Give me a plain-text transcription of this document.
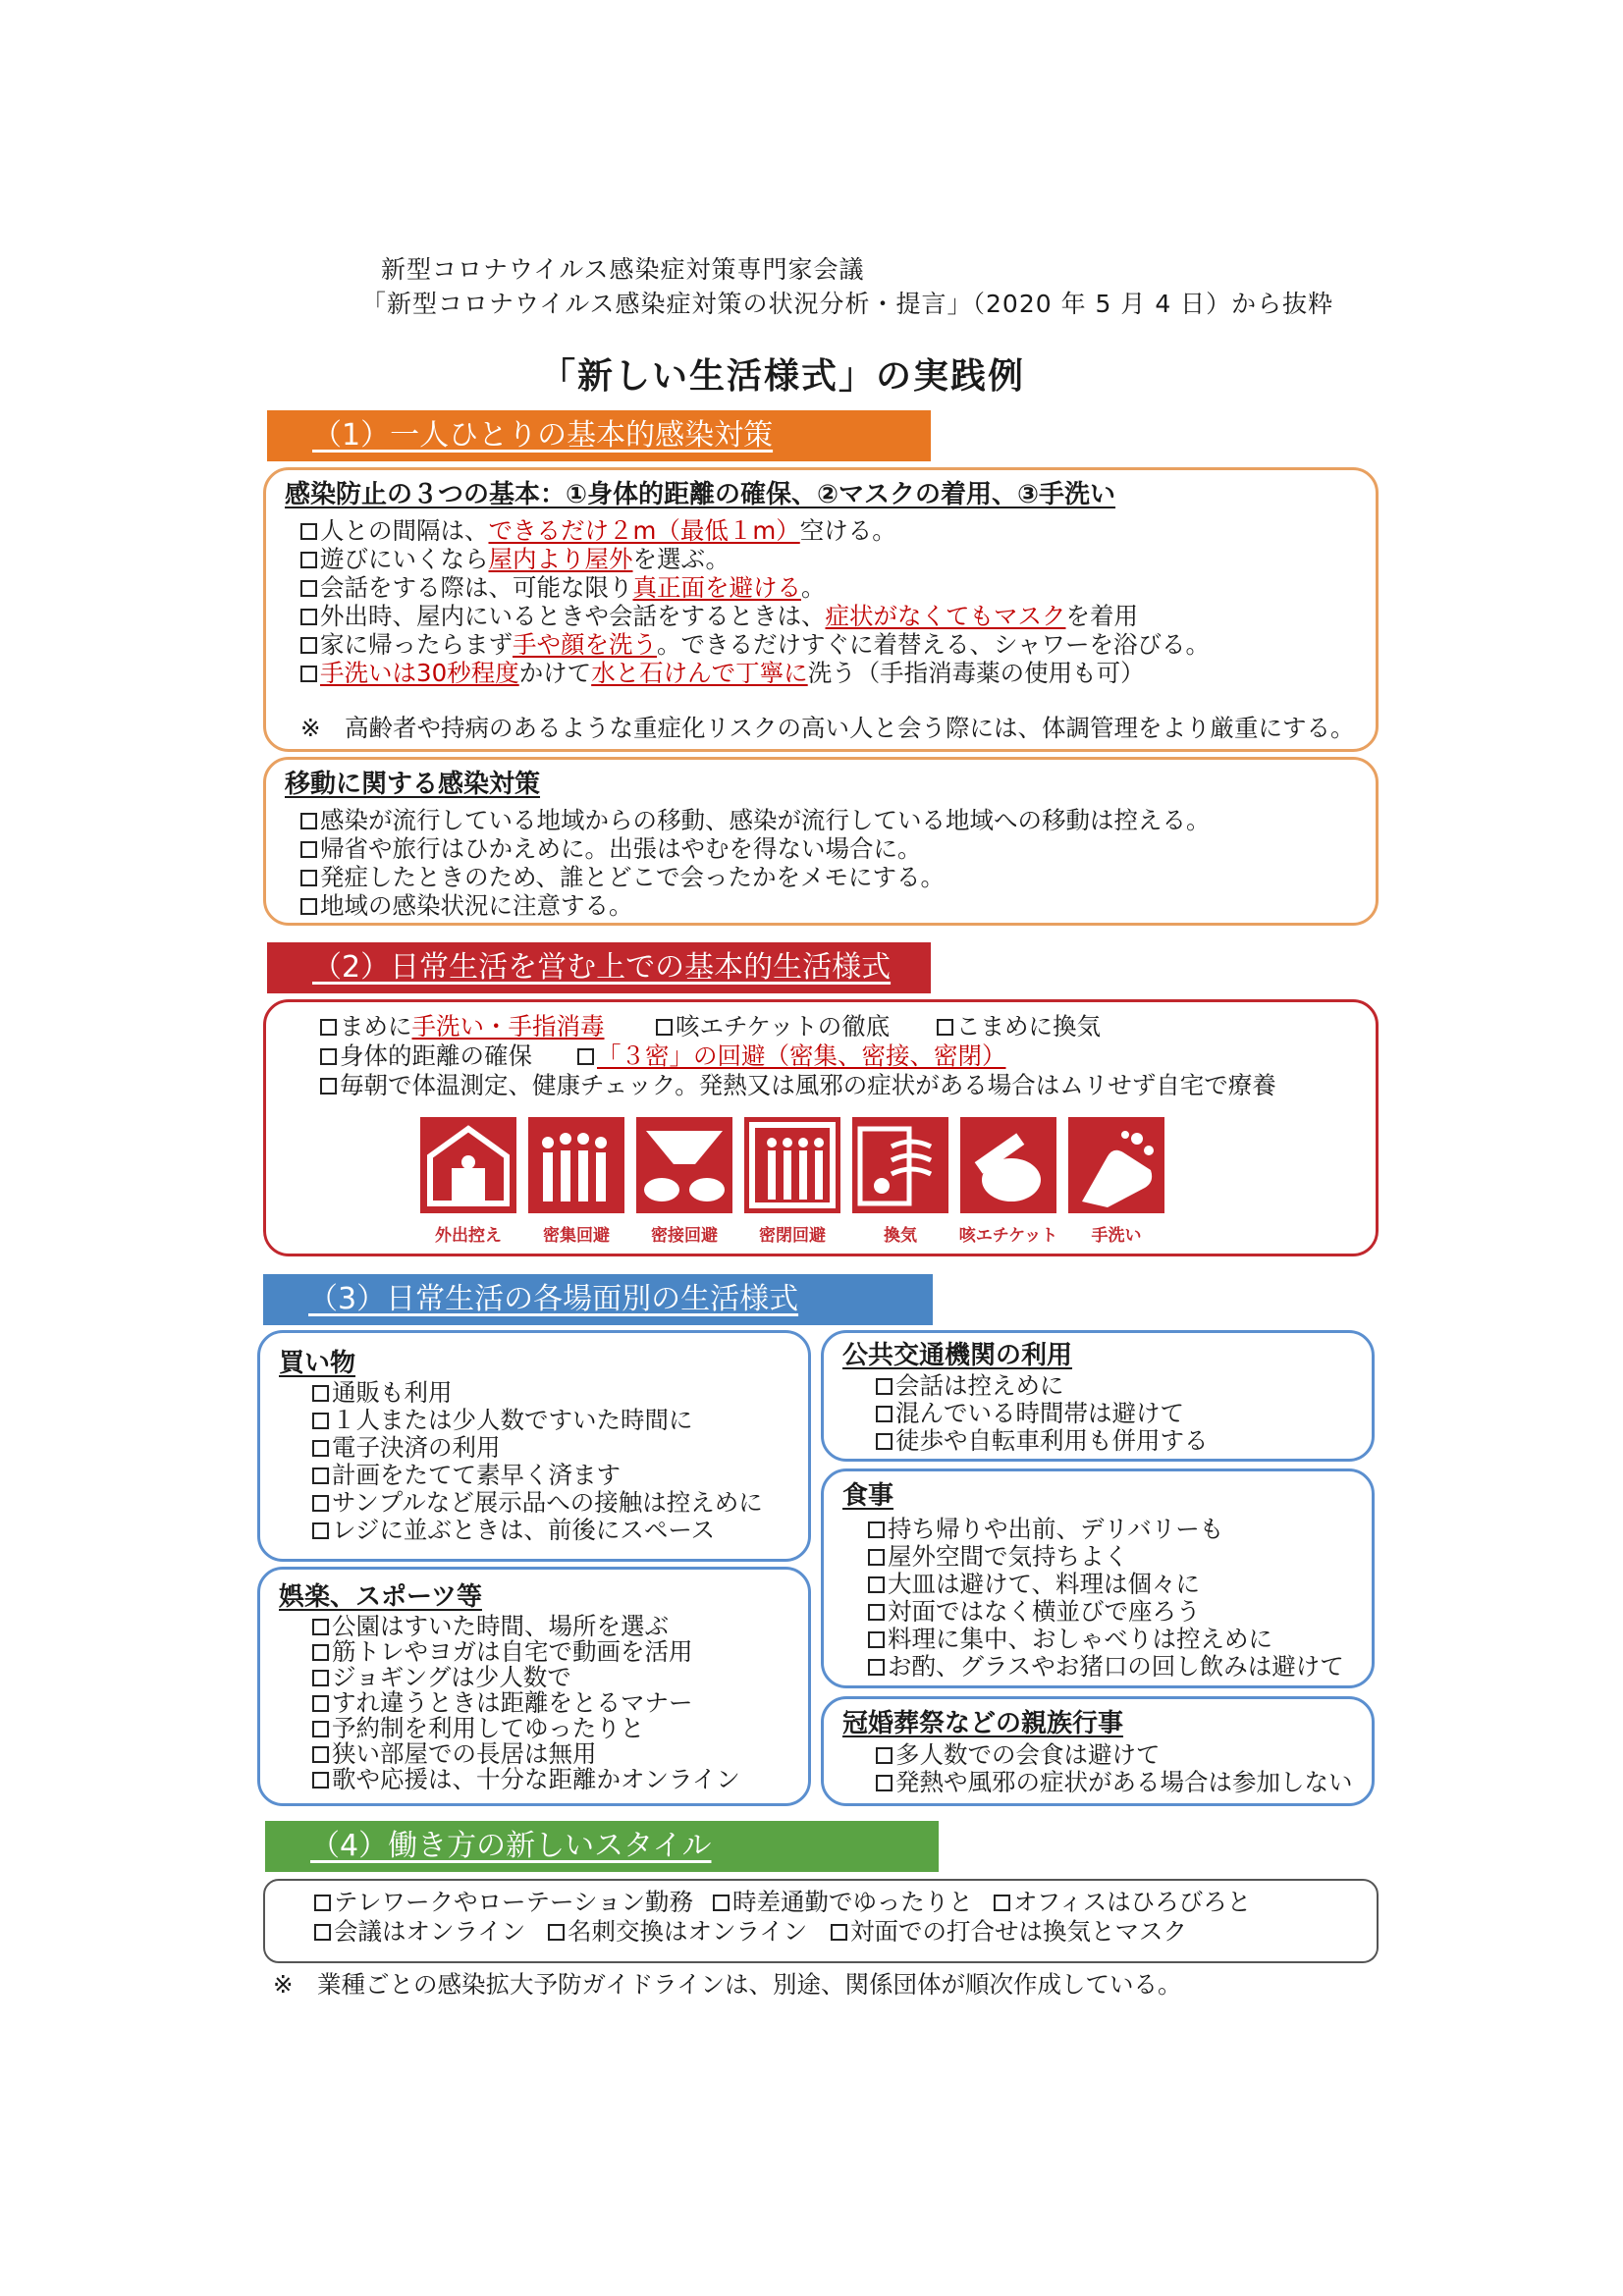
新型コロナウイルス感染症対策専門家会議
「新型コロナウイルス感染症対策の状況分析・提言」（2020 年 5 月 4 日）から抜粋
「新しい生活様式」の実践例
（1）一人ひとりの基本的感染対策
感染防止の３つの基本：①身体的距離の確保、②マスクの着用、③手洗い
人との間隔は、できるだけ２m（最低１m）空ける。
遊びにいくなら屋内より屋外を選ぶ。
会話をする際は、可能な限り真正面を避ける。
外出時、屋内にいるときや会話をするときは、症状がなくてもマスクを着用
家に帰ったらまず手や顔を洗う。できるだけすぐに着替える、シャワーを浴びる。
手洗いは30秒程度かけて水と石けんで丁寧に洗う（手指消毒薬の使用も可）
※　高齢者や持病のあるような重症化リスクの高い人と会う際には、体調管理をより厳重にする。
移動に関する感染対策
感染が流行している地域からの移動、感染が流行している地域への移動は控える。
帰省や旅行はひかえめに。出張はやむを得ない場合に。
発症したときのため、誰とどこで会ったかをメモにする。
地域の感染状況に注意する。
（2）日常生活を営む上での基本的生活様式
まめに手洗い・手指消毒	咳エチケットの徹底	こまめに換気
身体的距離の確保	「３密」の回避（密集、密接、密閉）
毎朝で体温測定、健康チェック。発熱又は風邪の症状がある場合はムリせず自宅で療養
外出控え	密集回避	密接回避	密閉回避	換気	咳エチケット	手洗い
（3）日常生活の各場面別の生活様式
買い物
通販も利用
１人または少人数ですいた時間に
電子決済の利用
計画をたてて素早く済ます
サンプルなど展示品への接触は控えめに
レジに並ぶときは、前後にスペース
娯楽、スポーツ等
公園はすいた時間、場所を選ぶ
筋トレやヨガは自宅で動画を活用
ジョギングは少人数で
すれ違うときは距離をとるマナー
予約制を利用してゆったりと
狭い部屋での長居は無用
歌や応援は、十分な距離かオンライン
公共交通機関の利用
会話は控えめに
混んでいる時間帯は避けて
徒歩や自転車利用も併用する
食事
持ち帰りや出前、デリバリーも
屋外空間で気持ちよく
大皿は避けて、料理は個々に
対面ではなく横並びで座ろう
料理に集中、おしゃべりは控えめに
お酌、グラスやお猪口の回し飲みは避けて
冠婚葬祭などの親族行事
多人数での会食は避けて
発熱や風邪の症状がある場合は参加しない
（4）働き方の新しいスタイル
テレワークやローテーション勤務	時差通勤でゆったりと	オフィスはひろびろと
会議はオンライン	名刺交換はオンライン	対面での打合せは換気とマスク
※　業種ごとの感染拡大予防ガイドラインは、別途、関係団体が順次作成している。
